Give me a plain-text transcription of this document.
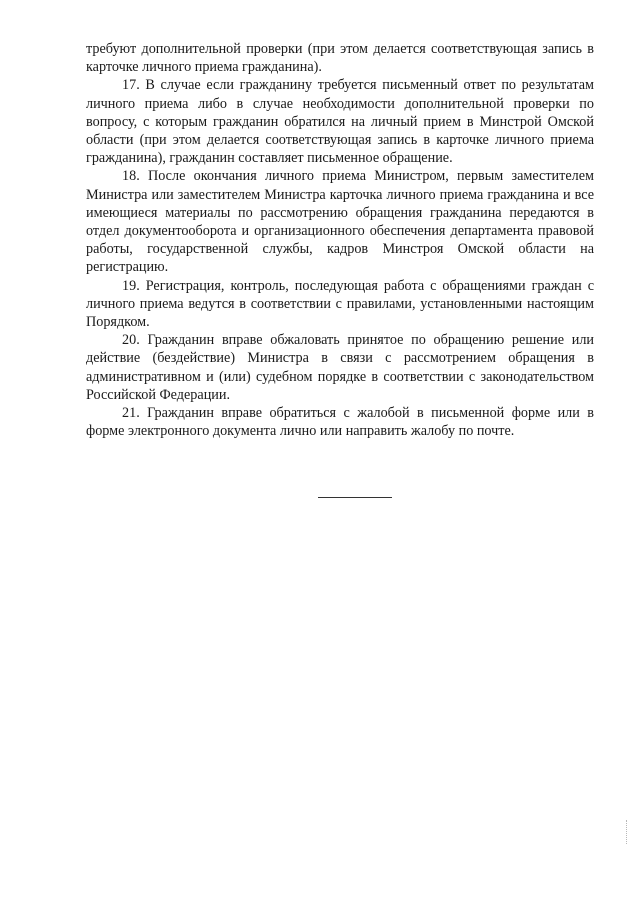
требуют дополнительной проверки (при этом делается соответствующая запись в карточке личного приема гражданина).

17. В случае если гражданину требуется письменный ответ по результатам личного приема либо в случае необходимости дополнительной проверки по вопросу, с которым гражданин обратился на личный прием в Минстрой Омской области (при этом делается соответствующая запись в карточке личного приема гражданина), гражданин составляет письменное обращение.

18. После окончания личного приема Министром, первым заместителем Министра или заместителем Министра карточка личного приема гражданина и все имеющиеся материалы по рассмотрению обращения гражданина передаются в отдел документооборота и организационного обеспечения департамента правовой работы, государственной службы, кадров Минстроя Омской области на регистрацию.

19. Регистрация, контроль, последующая работа с обращениями граждан с личного приема ведутся в соответствии с правилами, установленными настоящим Порядком.

20. Гражданин вправе обжаловать принятое по обращению решение или действие (бездействие) Министра в связи с рассмотрением обращения в административном и (или) судебном порядке в соответствии с законодательством Российской Федерации.

21. Гражданин вправе обратиться с жалобой в письменной форме или в форме электронного документа лично или направить жалобу по почте.
